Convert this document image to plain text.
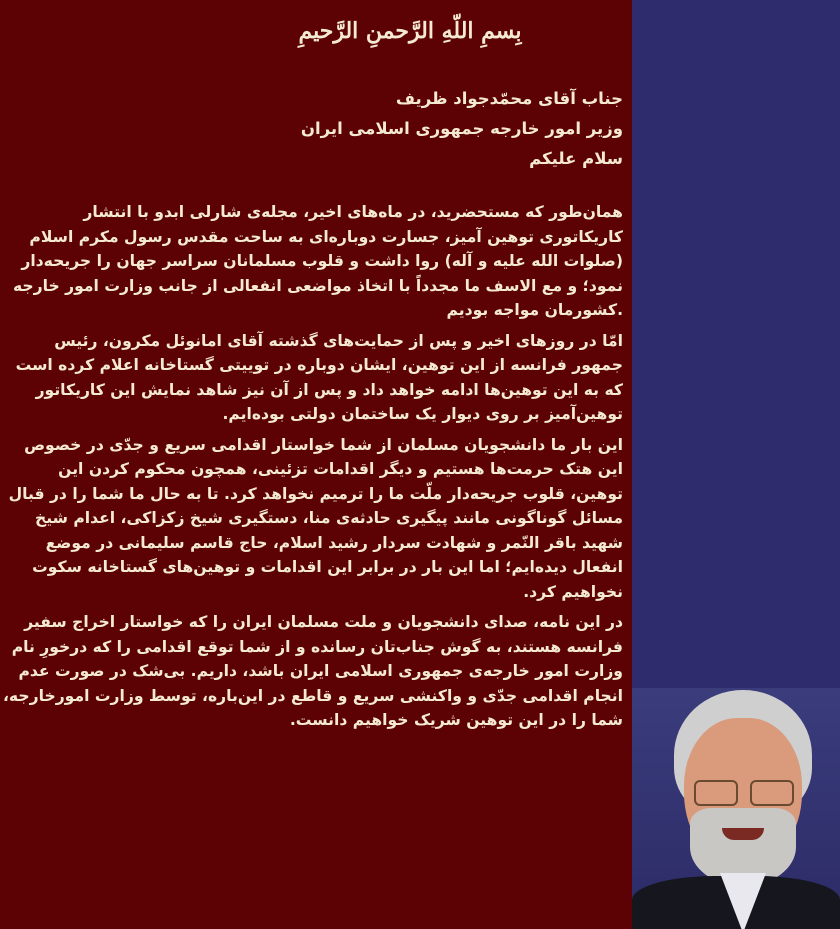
بِسمِ اللّهِ الرَّحمنِ الرَّحیمِ
جناب آقای محمّدجواد ظریف
وزیر امور خارجه جمهوری اسلامی ایران
سلام علیکم
همان‌طور که مستحضرید، در ماه‌های اخیر، مجله‌ی شارلی ابدو با انتشار
کاریکاتوری توهین آمیز، جسارت دوباره‌ای به ساحت مقدس رسول مکرم اسلام
(صلوات الله علیه و آله) روا داشت و قلوب مسلمانان سراسر جهان را جریحه‌دار
نمود؛ و مع الاسف ما مجدداً با اتخاذ مواضعی انفعالی از جانب وزارت امور خارجه
.کشورمان مواجه بودیم
امّا در روزهای اخیر و پس از حمایت‌های گذشته آقای امانوئل مکرون، رئیس
جمهور فرانسه از این توهین، ایشان دوباره در توییتی گستاخانه اعلام کرده است
که به این توهین‌ها ادامه خواهد داد و پس از آن نیز شاهد نمایش این کاریکاتور
توهین‌آمیز بر روی دیوار یک ساختمان دولتی بوده‌ایم.
این بار ما دانشجویان مسلمان از شما خواستار اقدامی سریع و جدّی در خصوص
این هتک حرمت‌ها هستیم و دیگر اقدامات تزئینی، همچون محکوم کردن این
توهین، قلوب جریحه‌دار ملّت ما را ترمیم نخواهد کرد. تا به حال ما شما را در قبال
مسائل گوناگونی مانند پیگیری حادثه‌ی منا، دستگیری شیخ زکزاکی، اعدام شیخ
شهید باقر النّمر و شهادت سردار رشید اسلام، حاج قاسم سلیمانی در موضع
انفعال دیده‌ایم؛ اما این بار در برابر این اقدامات و توهین‌های گستاخانه سکوت
نخواهیم کرد.
در این نامه، صدای دانشجویان و ملت مسلمان ایران را که خواستار اخراج سفیر
فرانسه هستند، به گوش جناب‌تان رسانده و از شما توقع اقدامی را که درخورِ نام
وزارت امور خارجه‌ی جمهوری اسلامی ایران باشد، داریم. بی‌شک در صورت عدم
انجام اقدامی جدّی و واکنشی سریع و قاطع در این‌باره، توسط وزارت امورخارجه،
شما را در این توهین شریک خواهیم دانست.
